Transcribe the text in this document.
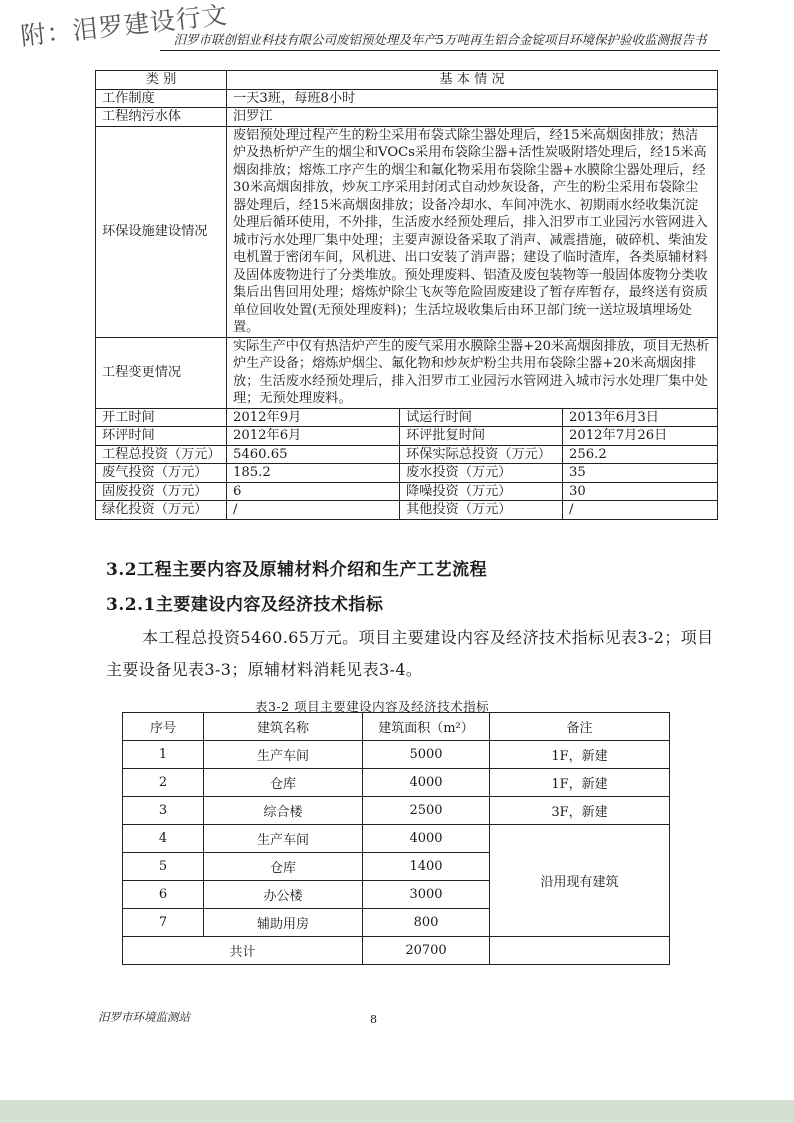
附：泪罗建设行文
汨罗市联创铝业科技有限公司废铝预处理及年产5万吨再生铝合金锭项目环境保护验收监测报告书
类 别	基 本 情 况		
工作制度	一天3班，每班8小时		
工程纳污水体	汨罗江		
环保设施建设情况	废铝预处理过程产生的粉尘采用布袋式除尘器处理后，经15米高烟囱排放；热洁炉及热析炉产生的烟尘和VOCs采用布袋除尘器+活性炭吸附塔处理后，经15米高烟囱排放；熔炼工序产生的烟尘和氟化物采用布袋除尘器+水膜除尘器处理后，经30米高烟囱排放，炒灰工序采用封闭式自动炒灰设备，产生的粉尘采用布袋除尘器处理后，经15米高烟囱排放；设备冷却水、车间冲洗水、初期雨水经收集沉淀处理后循环使用，不外排，生活废水经预处理后，排入汨罗市工业园污水管网进入城市污水处理厂集中处理；主要声源设备采取了消声、减震措施，破碎机、柴油发电机置于密闭车间，风机进、出口安装了消声器；建设了临时渣库，各类原辅材料及固体废物进行了分类堆放。预处理废料、铝渣及废包装物等一般固体废物分类收集后出售回用处理；熔炼炉除尘飞灰等危险固废建设了暂存库暂存，最终送有资质单位回收处置(无预处理废料)；生活垃圾收集后由环卫部门统一送垃圾填埋场处置。		
工程变更情况	实际生产中仅有热洁炉产生的废气采用水膜除尘器+20米高烟囱排放，项目无热析炉生产设备；熔炼炉烟尘、氟化物和炒灰炉粉尘共用布袋除尘器+20米高烟囱排放；生活废水经预处理后，排入汨罗市工业园污水管网进入城市污水处理厂集中处理；无预处理废料。		
开工时间	2012年9月	试运行时间	2013年6月3日
环评时间	2012年6月	环评批复时间	2012年7月26日
工程总投资（万元）	5460.65	环保实际总投资（万元）	256.2
废气投资（万元）	185.2	废水投资（万元）	35
固废投资（万元）	6	降噪投资（万元）	30
绿化投资（万元）	/	其他投资（万元）	/
3.2工程主要内容及原辅材料介绍和生产工艺流程
3.2.1主要建设内容及经济技术指标
本工程总投资5460.65万元。项目主要建设内容及经济技术指标见表3-2；项目主要设备见表3-3；原辅材料消耗见表3-4。
表3-2 项目主要建设内容及经济技术指标
序号	建筑名称	建筑面积（m²）	备注
1	生产车间	5000	1F，新建
2	仓库	4000	1F，新建
3	综合楼	2500	3F，新建
4	生产车间	4000	沿用现有建筑
5	仓库	1400	
6	办公楼	3000	
7	辅助用房	800	
共计		20700	
汨罗市环境监测站	8
